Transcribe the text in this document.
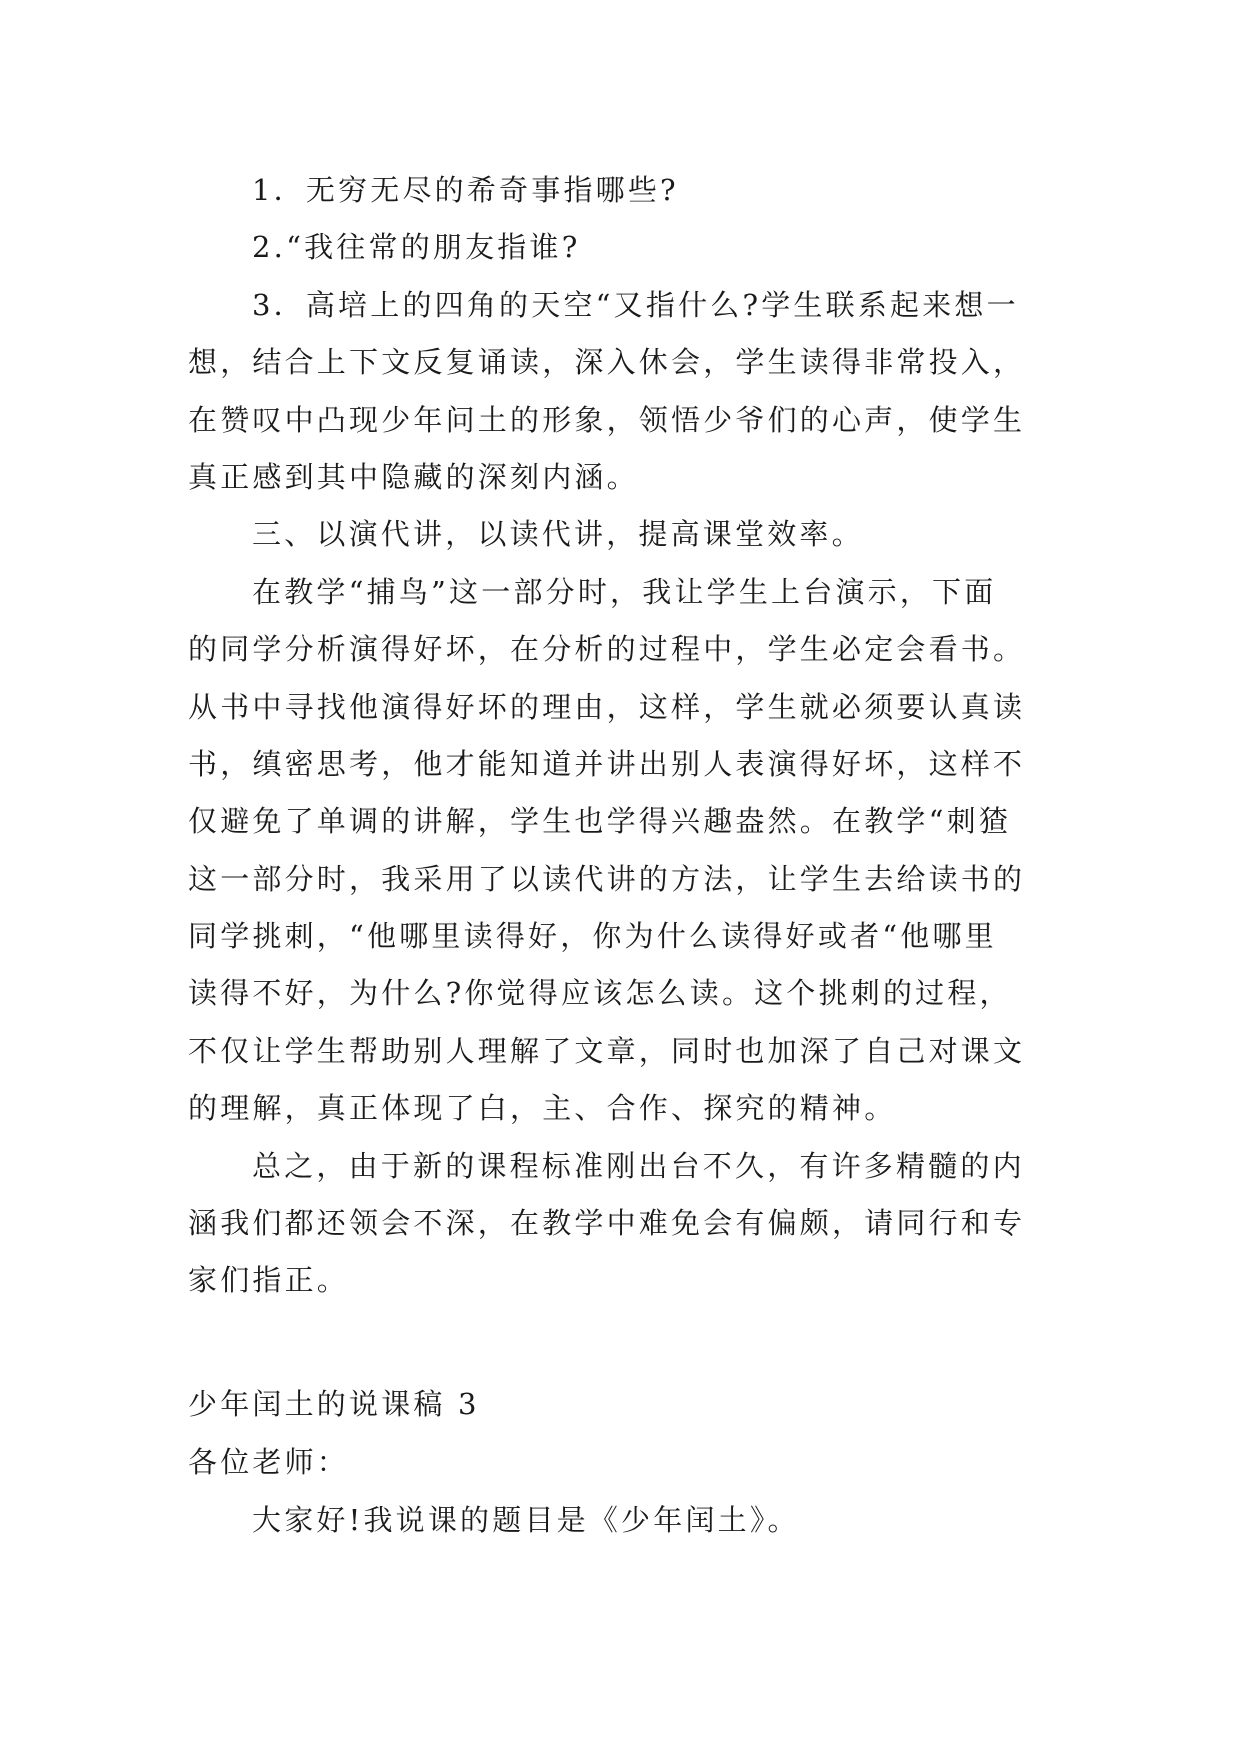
1．无穷无尽的希奇事指哪些?
2.“我往常的朋友指谁?
3．高培上的四角的天空“又指什么?学生联系起来想一
想，结合上下文反复诵读，深入休会，学生读得非常投入，
在赞叹中凸现少年问土的形象，领悟少爷们的心声，使学生
真正感到其中隐藏的深刻内涵。
三、以演代讲，以读代讲，提高课堂效率。
在教学“捕鸟”这一部分时，我让学生上台演示，下面
的同学分析演得好坏，在分析的过程中，学生必定会看书。
从书中寻找他演得好坏的理由，这样，学生就必须要认真读
书，缜密思考，他才能知道并讲出别人表演得好坏，这样不
仅避免了单调的讲解，学生也学得兴趣盎然。在教学“刺猹
这一部分时，我采用了以读代讲的方法，让学生去给读书的
同学挑刺，“他哪里读得好，你为什么读得好或者“他哪里
读得不好，为什么?你觉得应该怎么读。这个挑刺的过程，
不仅让学生帮助别人理解了文章，同时也加深了自己对课文
的理解，真正体现了白，主、合作、探究的精神。
总之，由于新的课程标准刚出台不久，有许多精髓的内
涵我们都还领会不深，在教学中难免会有偏颇，请同行和专
家们指正。
少年闰土的说课稿 3
各位老师：
大家好!我说课的题目是《少年闰土》。
